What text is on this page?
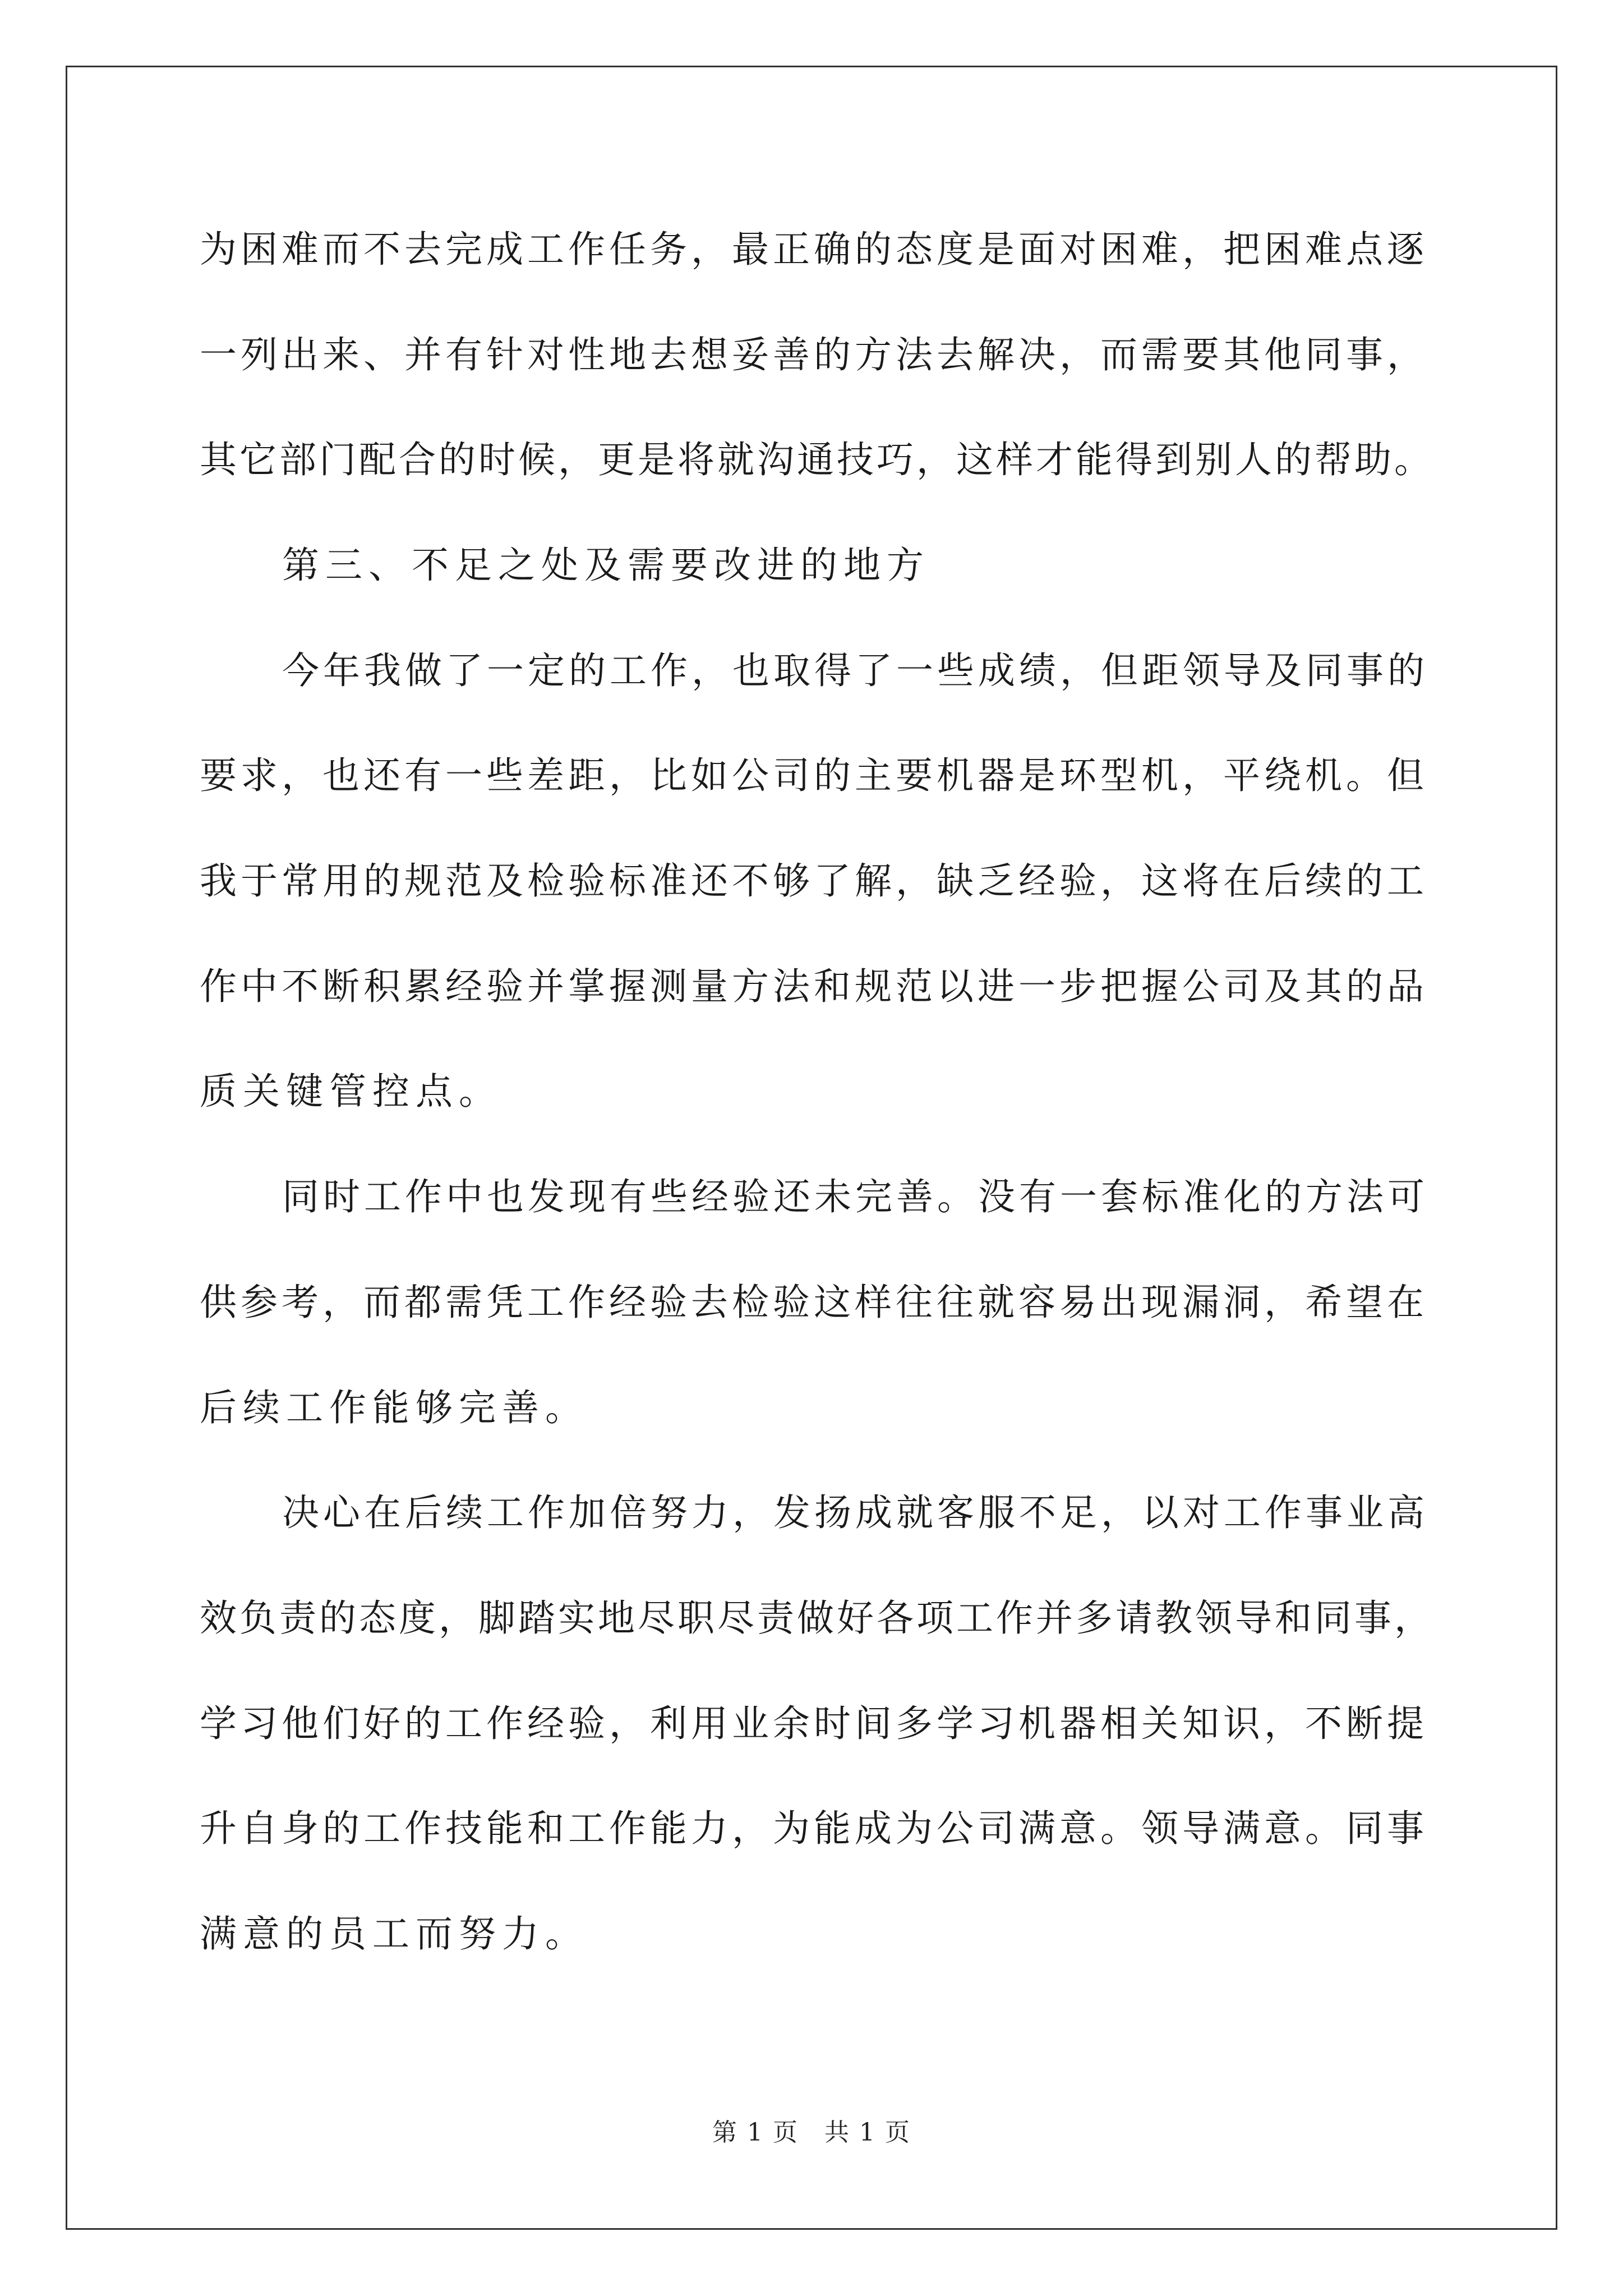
为困难而不去完成工作任务，最正确的态度是面对困难，把困难点逐
一列出来、并有针对性地去想妥善的方法去解决，而需要其他同事，
其它部门配合的时候，更是将就沟通技巧，这样才能得到别人的帮助。
第三、不足之处及需要改进的地方
今年我做了一定的工作，也取得了一些成绩，但距领导及同事的
要求，也还有一些差距，比如公司的主要机器是环型机，平绕机。但
我于常用的规范及检验标准还不够了解，缺乏经验，这将在后续的工
作中不断积累经验并掌握测量方法和规范以进一步把握公司及其的品
质关键管控点。
同时工作中也发现有些经验还未完善。没有一套标准化的方法可
供参考，而都需凭工作经验去检验这样往往就容易出现漏洞，希望在
后续工作能够完善。
决心在后续工作加倍努力，发扬成就客服不足，以对工作事业高
效负责的态度，脚踏实地尽职尽责做好各项工作并多请教领导和同事，
学习他们好的工作经验，利用业余时间多学习机器相关知识，不断提
升自身的工作技能和工作能力，为能成为公司满意。领导满意。同事
满意的员工而努力。
第 1 页　共 1 页
